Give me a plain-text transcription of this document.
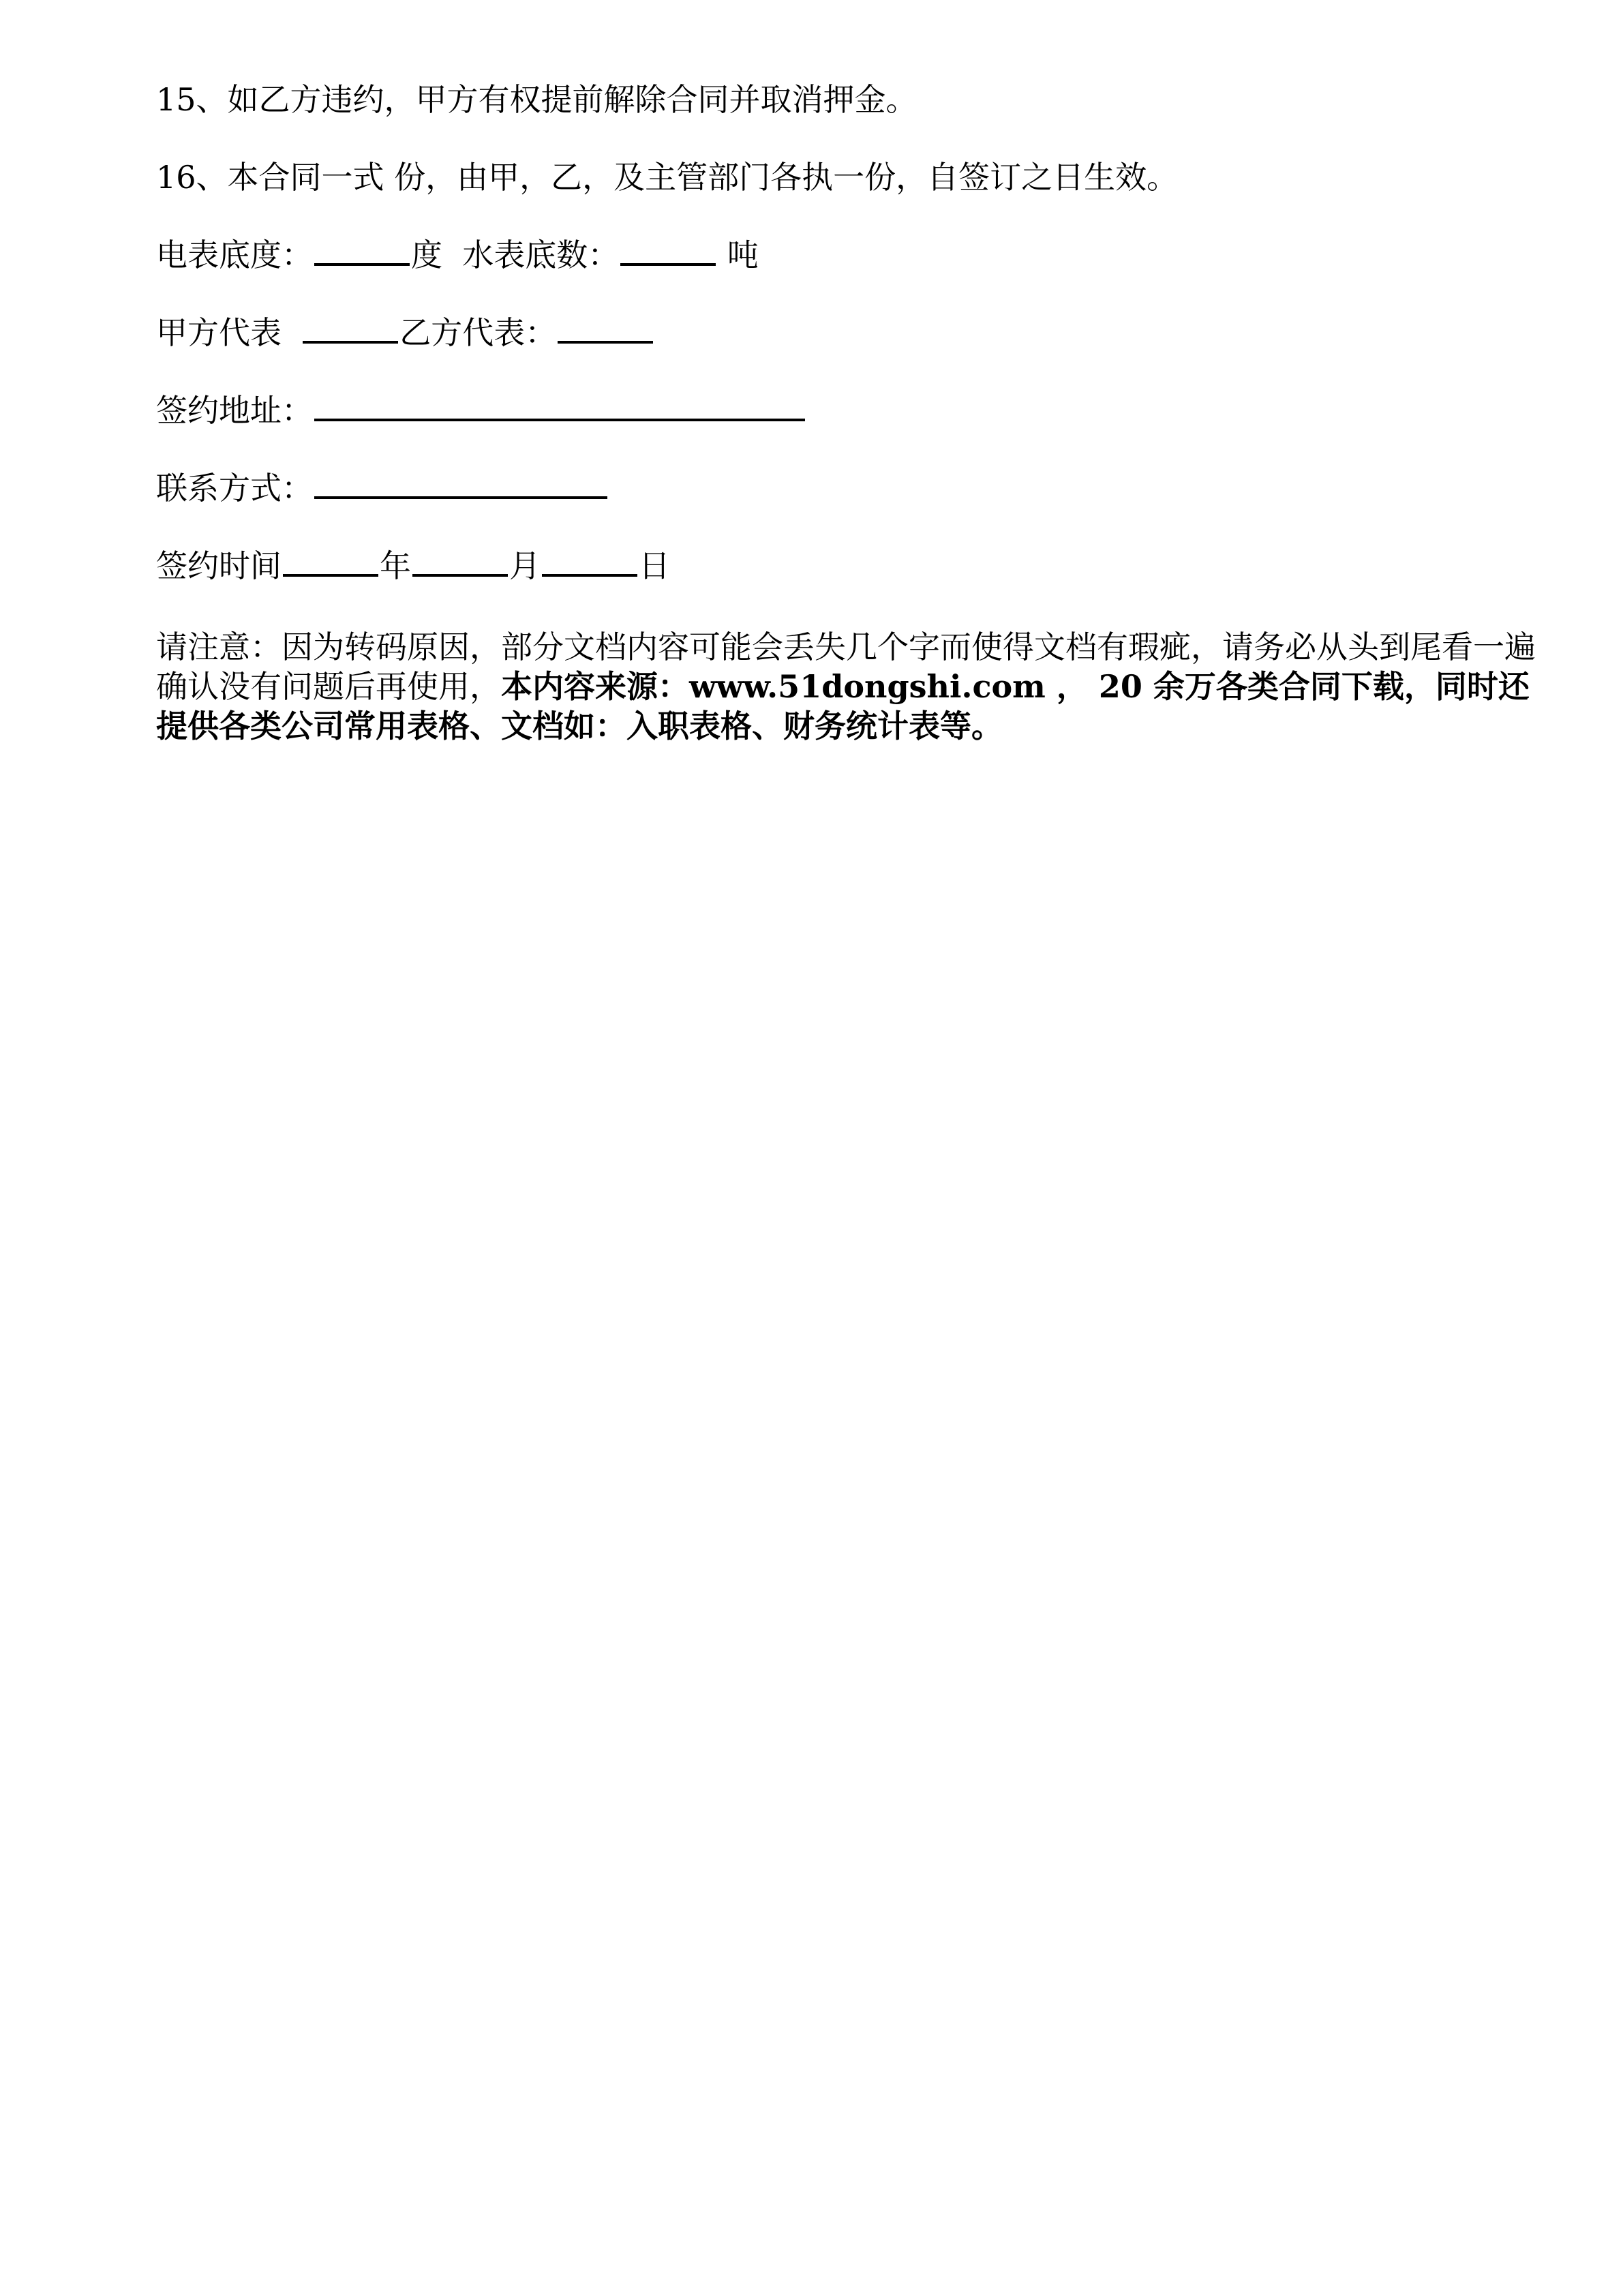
15、如乙方违约，甲方有权提前解除合同并取消押金。
16、本合同一式 份，由甲，乙，及主管部门各执一份，自签订之日生效。
电表底度：	度 水表底数：	吨
甲方代表	乙方代表：
签约地址：
联系方式：
签约时间	年	月	日
请注意：因为转码原因，部分文档内容可能会丢失几个字而使得文档有瑕疵，请务必从头到尾看一遍确认没有问题后再使用，本内容来源：www.51dongshi.com ， 20 余万各类合同下载，同时还提供各类公司常用表格、文档如：入职表格、财务统计表等。
